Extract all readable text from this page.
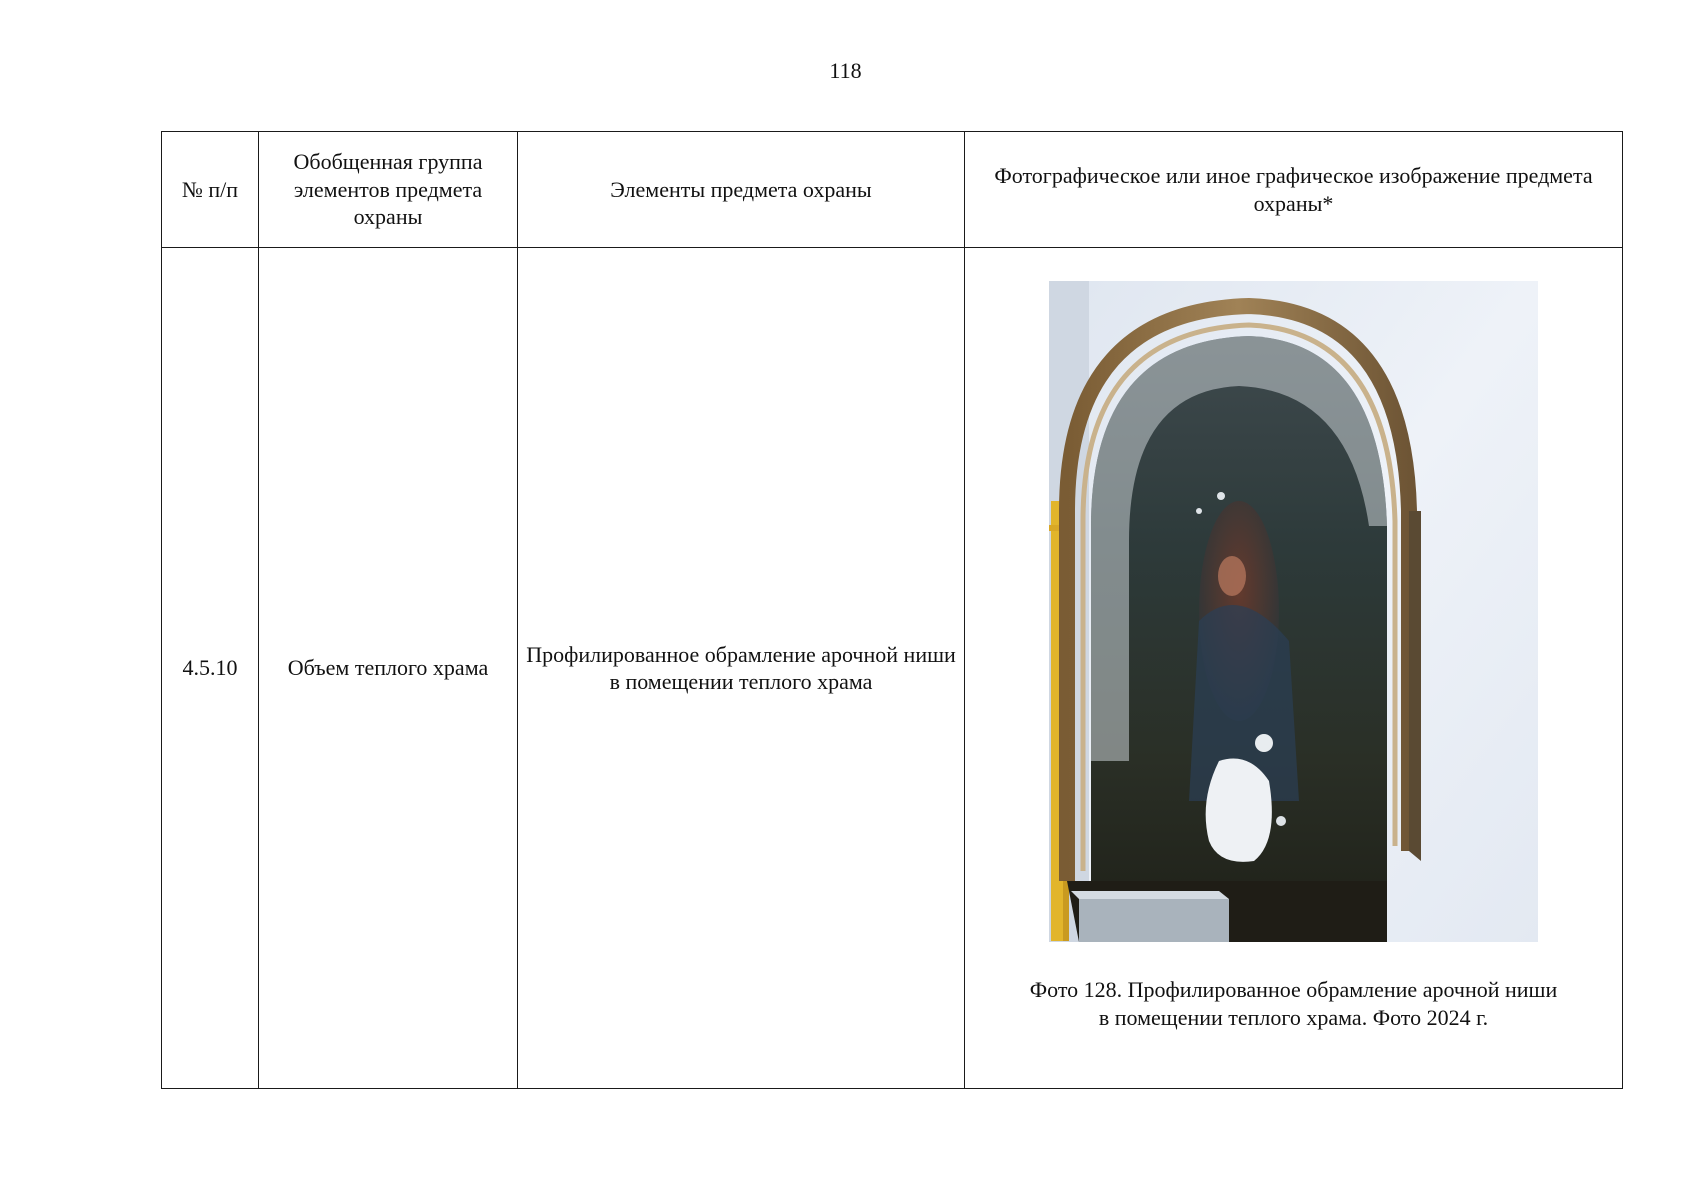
118
№ п/п	Обобщенная группа элементов предмета охраны	Элементы предмета охраны	Фотографическое или иное графическое изображение предмета охраны*
4.5.10	Объем теплого храма	Профилированное обрамление арочной ниши в помещении теплого храма	Фото 128. Профилированное обрамление арочной ниши
в помещении теплого храма. Фото 2024 г.
